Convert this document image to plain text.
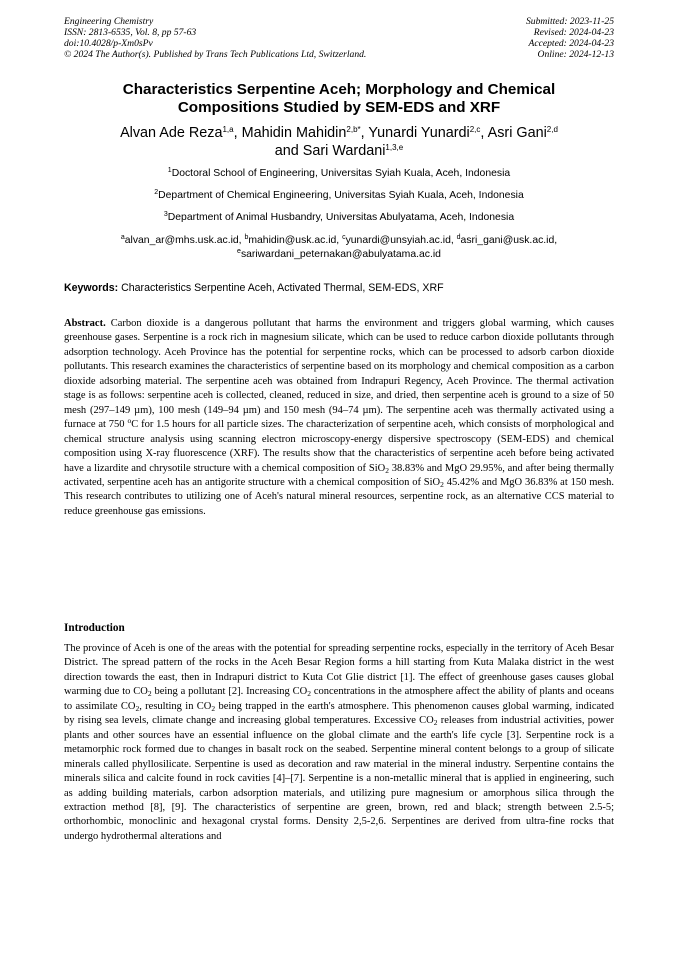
Engineering Chemistry
ISSN: 2813-6535, Vol. 8, pp 57-63
doi:10.4028/p-Xm0sPv
© 2024 The Author(s). Published by Trans Tech Publications Ltd, Switzerland.
Submitted: 2023-11-25
Revised: 2024-04-23
Accepted: 2024-04-23
Online: 2024-12-13
Characteristics Serpentine Aceh; Morphology and Chemical
Compositions Studied by SEM-EDS and XRF
Alvan Ade Reza$^{1,a}$, Mahidin Mahidin$^{2,b*}$, Yunardi Yunardi$^{2,c}$, Asri Gani$^{2,d}$
and Sari Wardani$^{1,3,e}$
$^1$Doctoral School of Engineering, Universitas Syiah Kuala, Aceh, Indonesia
$^2$Department of Chemical Engineering, Universitas Syiah Kuala, Aceh, Indonesia
$^3$Department of Animal Husbandry, Universitas Abulyatama, Aceh, Indonesia
$^a$alvan_ar@mhs.usk.ac.id, $^b$mahidin@usk.ac.id, $^c$yunardi@unsyiah.ac.id, $^d$asri_gani@usk.ac.id,
$^e$sariwardani_peternakan@abulyatama.ac.id
Keywords: Characteristics Serpentine Aceh, Activated Thermal, SEM-EDS, XRF
Abstract. Carbon dioxide is a dangerous pollutant that harms the environment and triggers global warming, which causes greenhouse gases. Serpentine is a rock rich in magnesium silicate, which can be used to reduce carbon dioxide pollutants through adsorption technology. Aceh Province has the potential for serpentine rocks, which can be processed to adsorb carbon dioxide pollutants. This research examines the characteristics of serpentine based on its morphology and chemical composition as a carbon dioxide adsorbing material. The serpentine aceh was obtained from Indrapuri Regency, Aceh Province. The thermal activation stage is as follows: serpentine aceh is collected, cleaned, reduced in size, and dried, then serpentine aceh is ground to a size of 50 mesh (297–149 µm), 100 mesh (149–94 µm) and 150 mesh (94–74 µm). The serpentine aceh was thermally activated using a furnace at 750 $^o$C for 1.5 hours for all particle sizes. The characterization of serpentine aceh, which consists of morphological and chemical structure analysis using scanning electron microscopy-energy dispersive spectroscopy (SEM-EDS) and chemical composition using X-ray fluorescence (XRF). The results show that the characteristics of serpentine aceh before being activated have a lizardite and chrysotile structure with a chemical composition of SiO$_2$ 38.83% and MgO 29.95%, and after being thermally activated, serpentine aceh has an antigorite structure with a chemical composition of SiO$_2$ 45.42% and MgO 36.83% at 150 mesh. This research contributes to utilizing one of Aceh's natural mineral resources, serpentine rock, as an alternative CCS material to reduce greenhouse gas emissions.
Introduction
The province of Aceh is one of the areas with the potential for spreading serpentine rocks, especially in the territory of Aceh Besar District. The spread pattern of the rocks in the Aceh Besar Region forms a hill starting from Kuta Malaka district in the west direction towards the east, then in Indrapuri district to Kuta Cot Glie district [1]. The effect of greenhouse gases causes global warming due to $CO_2$ being a pollutant [2]. Increasing $CO_2$ concentrations in the atmosphere affect the ability of plants and oceans to assimilate $CO_2$, resulting in $CO_2$ being trapped in the earth's atmosphere. This phenomenon causes global warming, indicated by rising sea levels, climate change and increasing global temperatures. Excessive $CO_2$ releases from industrial activities, power plants and other sources have an essential influence on the global climate and the earth's life cycle [3]. Serpentine rock is a metamorphic rock formed due to changes in basalt rock on the seabed. Serpentine mineral content belongs to a group of silicate minerals called phyllosilicate. Serpentine is used as decoration and raw material in the mineral industry. Serpentine contains the minerals silica and calcite found in rock cavities [4]–[7]. Serpentine is a non-metallic mineral that is applied in engineering, such as adding building materials, carbon adsorption materials, and utilizing pure magnesium or amorphous silica through the extraction method [8], [9]. The characteristics of serpentine are green, brown, red and black; strength between 2.5-5; orthorhombic, monoclinic and hexagonal crystal forms. Density 2,5-2,6. Serpentines are derived from ultra-fine rocks that undergo hydrothermal alterations and
